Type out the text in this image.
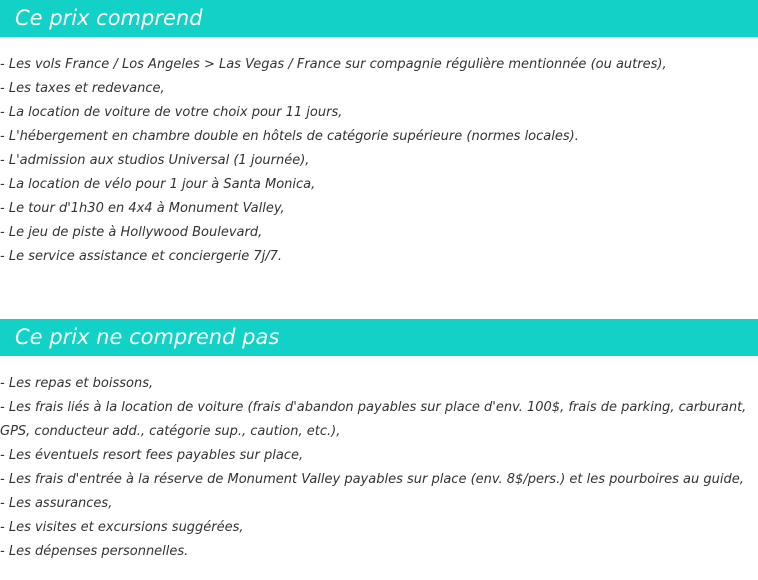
Ce prix comprend
- Les vols France / Los Angeles > Las Vegas / France sur compagnie régulière mentionnée (ou autres),
- Les taxes et redevance,
- La location de voiture de votre choix pour 11 jours,
- L'hébergement en chambre double en hôtels de catégorie supérieure (normes locales).
- L'admission aux studios Universal (1 journée),
- La location de vélo pour 1 jour à Santa Monica,
- Le tour d'1h30 en 4x4 à Monument Valley,
- Le jeu de piste à Hollywood Boulevard,
- Le service assistance et conciergerie 7j/7.
Ce prix ne comprend pas
- Les repas et boissons,
- Les frais liés à la location de voiture (frais d'abandon payables sur place d'env. 100$, frais de parking, carburant, GPS, conducteur add., catégorie sup., caution, etc.),
- Les éventuels resort fees payables sur place,
- Les frais d'entrée à la réserve de Monument Valley payables sur place (env. 8$/pers.) et les pourboires au guide,
- Les assurances,
- Les visites et excursions suggérées,
- Les dépenses personnelles.
